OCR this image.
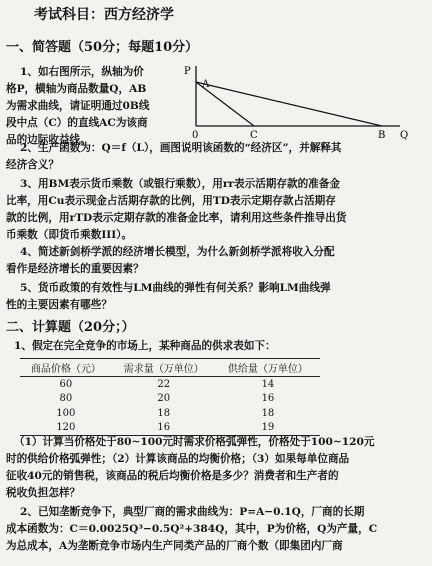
考试科目：西方经济学
一、简答题（50分；每题10分）
1、如右图所示，纵轴为价
格P，横轴为商品数量Q，AB
为需求曲线，请证明通过0B线
段中点（C）的直线AC为该商
品的边际收益线。
P
A
0	C	B Q
2、生产函数为：Q＝f（L），画图说明该函数的“经济区”，并解释其
经济含义？
3、用BM表示货币乘数（或银行乘数），用rr表示活期存款的准备金
比率，用Cu表示现金占活期存款的比例，用TD表示定期存款占活期存
款的比例，用rTD表示定期存款的准备金比率，请利用这些条件推导出货
币乘数（即货币乘数III）。
4、简述新剑桥学派的经济增长模型，为什么新剑桥学派将收入分配
看作是经济增长的重要因素？
5、货币政策的有效性与LM曲线的弹性有何关系？影响LM曲线弹
性的主要因素有哪些？
二、计算题（20分；）
1、假定在完全竞争的市场上，某种商品的供求表如下：
商品价格（元）	需求量（万单位）	供给量（万单位）
60	22	14
80	20	16
100	18	18
120	16	19
（1）计算当价格处于80~100元时需求价格弧弹性，价格处于100~120元
时的供给价格弧弹性；（2）计算该商品的均衡价格；（3）如果每单位商品
征收40元的销售税，该商品的税后均衡价格是多少？消费者和生产者的
税收负担怎样？
2、已知垄断竞争下，典型厂商的需求曲线为：P=A−0.1Q，厂商的长期
成本函数为：C＝0.0025Q³−0.5Q²+384Q，其中，P为价格，Q为产量，C
为总成本，A为垄断竞争市场内生产同类产品的厂商个数（即集团内厂商
